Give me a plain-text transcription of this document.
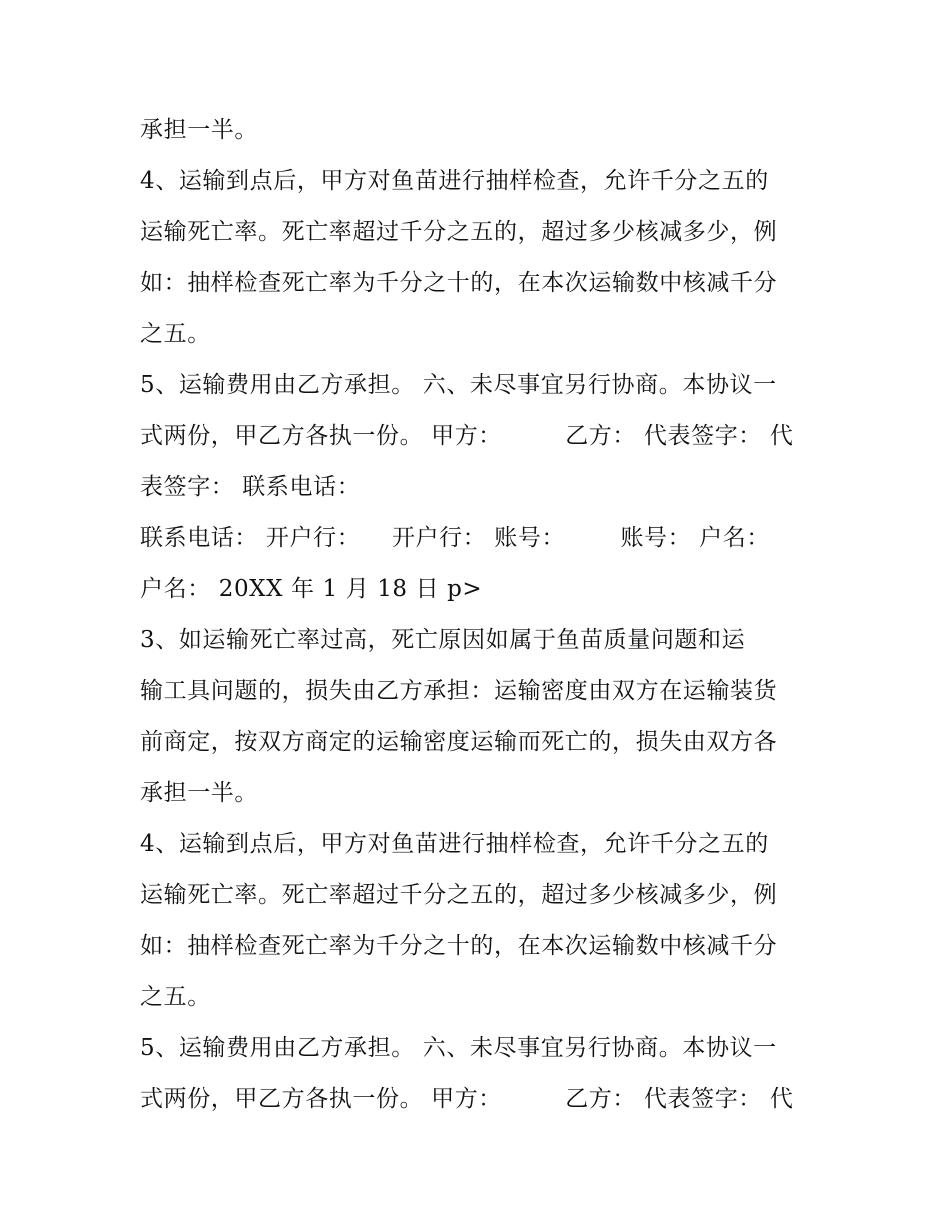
承担一半。
4、运输到点后，甲方对鱼苗进行抽样检查，允许千分之五的
运输死亡率。死亡率超过千分之五的，超过多少核减多少，例
如：抽样检查死亡率为千分之十的，在本次运输数中核减千分
之五。
5、运输费用由乙方承担。 六、未尽事宜另行协商。本协议一
式两份，甲乙方各执一份。 甲方：        乙方： 代表签字： 代
表签字： 联系电话：
联系电话： 开户行：    开户行： 账号：       账号： 户名：
户名： 20XX 年 1 月 18 日 p>
3、如运输死亡率过高，死亡原因如属于鱼苗质量问题和运
输工具问题的，损失由乙方承担：运输密度由双方在运输装货
前商定，按双方商定的运输密度运输而死亡的，损失由双方各
承担一半。
4、运输到点后，甲方对鱼苗进行抽样检查，允许千分之五的
运输死亡率。死亡率超过千分之五的，超过多少核减多少，例
如：抽样检查死亡率为千分之十的，在本次运输数中核减千分
之五。
5、运输费用由乙方承担。 六、未尽事宜另行协商。本协议一
式两份，甲乙方各执一份。 甲方：        乙方： 代表签字： 代
